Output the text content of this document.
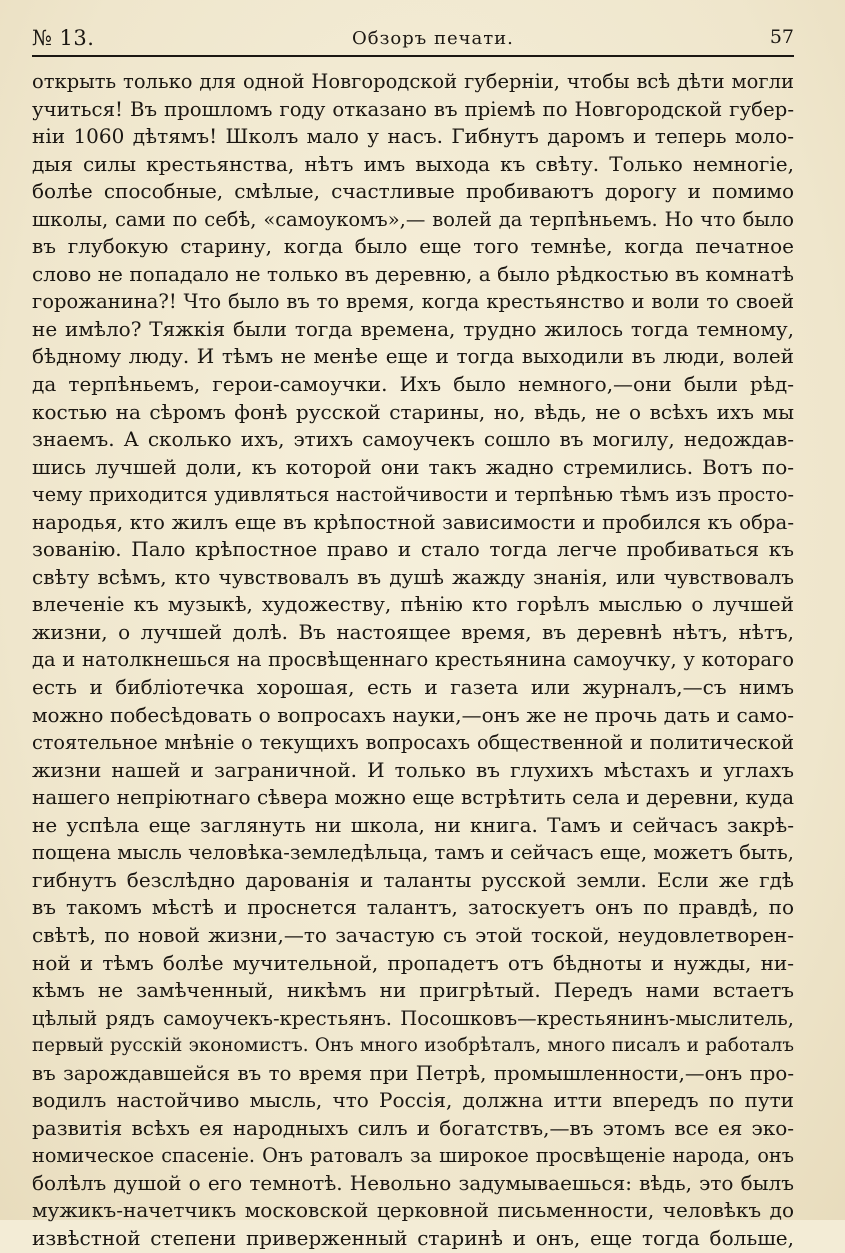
№ 13.	Обзоръ печати.	57
открыть только для одной Новгородской губерніи, чтобы всѣ дѣти могли
учиться! Въ прошломъ году отказано въ пріемѣ по Новгородской губер-
ніи 1060 дѣтямъ! Школъ мало у насъ. Гибнутъ даромъ и теперь моло-
дыя силы крестьянства, нѣтъ имъ выхода къ свѣту. Только немногіе,
болѣе способные, смѣлые, счастливые пробиваютъ дорогу и помимо
школы, сами по себѣ, «самоукомъ»,— волей да терпѣньемъ. Но что было
въ глубокую старину, когда было еще того темнѣе, когда печатное
слово не попадало не только въ деревню, а было рѣдкостью въ комнатѣ
горожанина?! Что было въ то время, когда крестьянство и воли то своей
не имѣло? Тяжкія были тогда времена, трудно жилось тогда темному,
бѣдному люду. И тѣмъ не менѣе еще и тогда выходили въ люди, волей
да терпѣньемъ, герои-самоучки. Ихъ было немного,—они были рѣд-
костью на сѣромъ фонѣ русской старины, но, вѣдь, не о всѣхъ ихъ мы
знаемъ. А сколько ихъ, этихъ самоучекъ сошло въ могилу, недождав-
шись лучшей доли, къ которой они такъ жадно стремились. Вотъ по-
чему приходится удивляться настойчивости и терпѣнью тѣмъ изъ просто-
народья, кто жилъ еще въ крѣпостной зависимости и пробился къ обра-
зованію. Пало крѣпостное право и стало тогда легче пробиваться къ
свѣту всѣмъ, кто чувствовалъ въ душѣ жажду знанія, или чувствовалъ
влеченіе къ музыкѣ, художеству, пѣнію кто горѣлъ мыслью о лучшей
жизни, о лучшей долѣ. Въ настоящее время, въ деревнѣ нѣтъ, нѣтъ,
да и натолкнешься на просвѣщеннаго крестьянина самоучку, у котораго
есть и библіотечка хорошая, есть и газета или журналъ,—съ нимъ
можно побесѣдовать о вопросахъ науки,—онъ же не прочь дать и само-
стоятельное мнѣніе о текущихъ вопросахъ общественной и политической
жизни нашей и заграничной. И только въ глухихъ мѣстахъ и углахъ
нашего непріютнаго сѣвера можно еще встрѣтить села и деревни, куда
не успѣла еще заглянуть ни школа, ни книга. Тамъ и сейчасъ закрѣ-
пощена мысль человѣка-земледѣльца, тамъ и сейчасъ еще, можетъ быть,
гибнутъ безслѣдно дарованія и таланты русской земли. Если же гдѣ
въ такомъ мѣстѣ и проснется талантъ, затоскуетъ онъ по правдѣ, по
свѣтѣ, по новой жизни,—то зачастую съ этой тоской, неудовлетворен-
ной и тѣмъ болѣе мучительной, пропадетъ отъ бѣдноты и нужды, ни-
кѣмъ не замѣченный, никѣмъ ни пригрѣтый. Передъ нами встаетъ
цѣлый рядъ самоучекъ-крестьянъ. Посошковъ—крестьянинъ-мыслитель,
первый русскій экономистъ. Онъ много изобрѣталъ, много писалъ и работалъ
въ зарождавшейся въ то время при Петрѣ, промышленности,—онъ про-
водилъ настойчиво мысль, что Россія, должна итти впередъ по пути
развитія всѣхъ ея народныхъ силъ и богатствъ,—въ этомъ все ея эко-
номическое спасеніе. Онъ ратовалъ за широкое просвѣщеніе народа, онъ
болѣлъ душой о его темнотѣ. Невольно задумываешься: вѣдь, это былъ
мужикъ-начетчикъ московской церковной письменности, человѣкъ до
извѣстной степени приверженный старинѣ и онъ, еще тогда больше,
